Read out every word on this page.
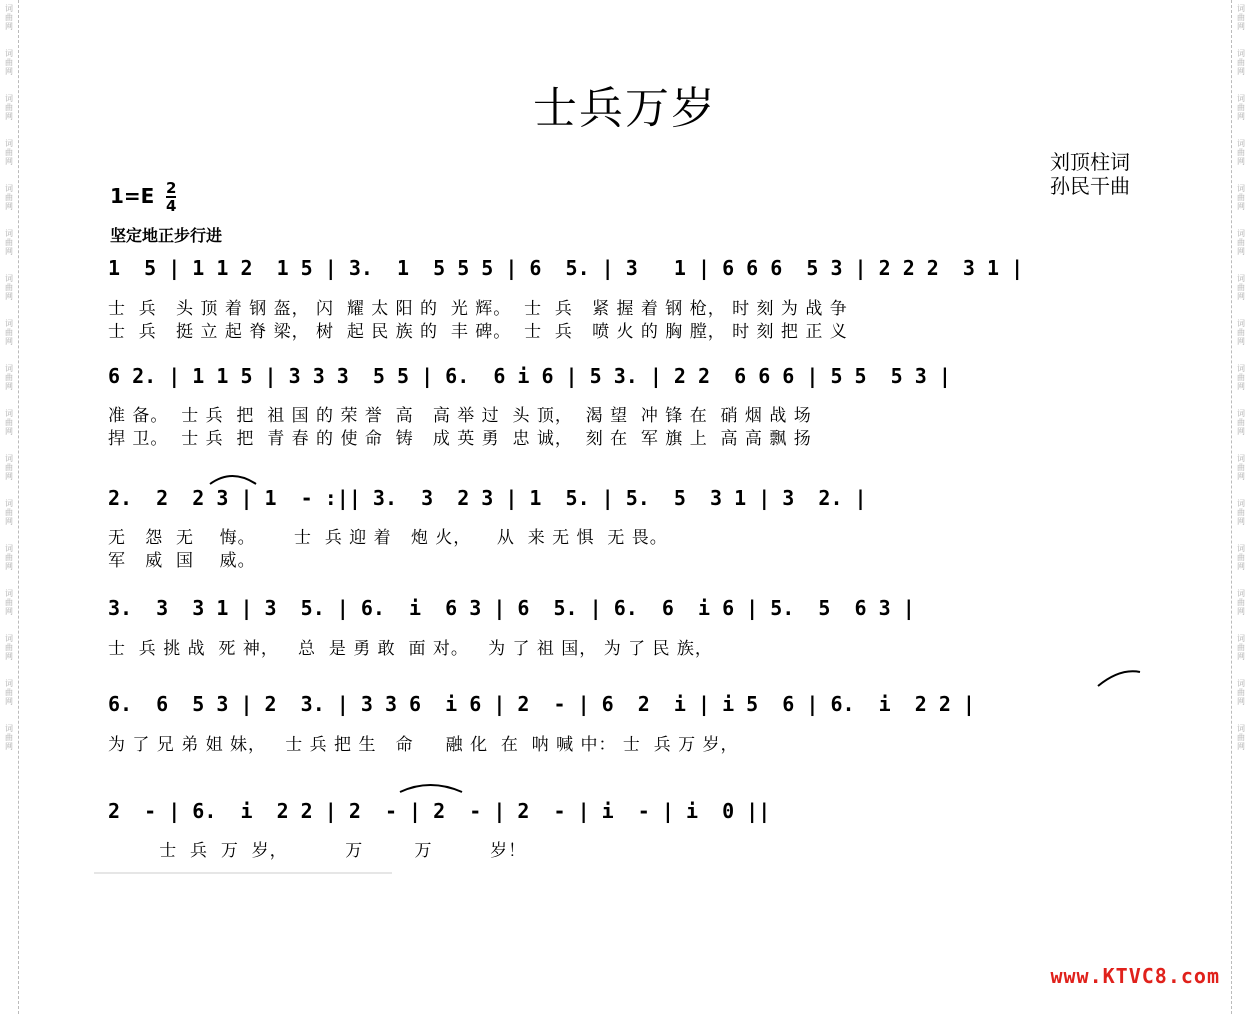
词
曲
网

词
曲
网

词
曲
网

词
曲
网

词
曲
网

词
曲
网

词
曲
网

词
曲
网

词
曲
网

词
曲
网

词
曲
网

词
曲
网

词
曲
网

词
曲
网

词
曲
网

词
曲
网

词
曲
网

词
曲
网

词
曲
网

词
曲
网

词
曲
网

词
曲
网

词
曲
网

词
曲
网

词
曲
网

词
曲
网

词
曲
网

词
曲
网

词
曲
网

词
曲
网

词
曲
网

词
曲
网

词
曲
网

词
曲
网

士兵万岁
刘顶柱词
孙民干曲
$1=E \frac{2}{4}$
坚定地正步行进
1  5 | 1 1 2  1 5 | 3.  1  5 5 5 | 6  5. | 3   1 | 6 6 6  5 3 | 2 2 2  3 1 |
士  兵   头 顶 着 钢 盔， 闪  耀 太 阳 的  光 辉。  士  兵   紧 握 着 钢 枪， 时 刻 为 战 争
士  兵   挺 立 起 脊 梁， 树  起 民 族 的  丰 碑。  士  兵   喷 火 的 胸 膛， 时 刻 把 正 义
6 2. | 1 1 5 | 3 3 3  5 5 | 6.  6 i 6 | 5 3. | 2 2  6 6 6 | 5 5  5 3 |
准 备。  士 兵  把  祖 国 的 荣 誉  高   高 举 过  头 顶，  渴 望  冲 锋 在  硝 烟 战 场
捍 卫。  士 兵  把  青 春 的 使 命  铸   成 英 勇  忠 诚，  刻 在  军 旗 上  高 高 飘 扬
2.  2  2 3 | 1  - :|| 3.  3  2 3 | 1  5. | 5.  5  3 1 | 3  2. |
无   怨  无    悔。      士  兵 迎 着   炮 火，    从  来 无 惧  无 畏。
军   威  国    威。
3.  3  3 1 | 3  5. | 6.  i  6 3 | 6  5. | 6.  6  i 6 | 5.  5  6 3 |
士  兵 挑 战  死 神，   总  是 勇 敢  面 对。   为 了 祖 国， 为 了 民 族，
6.  6  5 3 | 2  3. | 3 3 6  i 6 | 2  - | 6  2  i | i 5  6 | 6.  i  2 2 |
为 了 兄 弟 姐 妹，   士 兵 把 生   命     融 化  在  呐 喊 中： 士  兵 万 岁，
2  - | 6.  i  2 2 | 2  - | 2  - | 2  - | i  - | i  0 ||
士  兵  万  岁，         万        万         岁！
www.KTVC8.com
